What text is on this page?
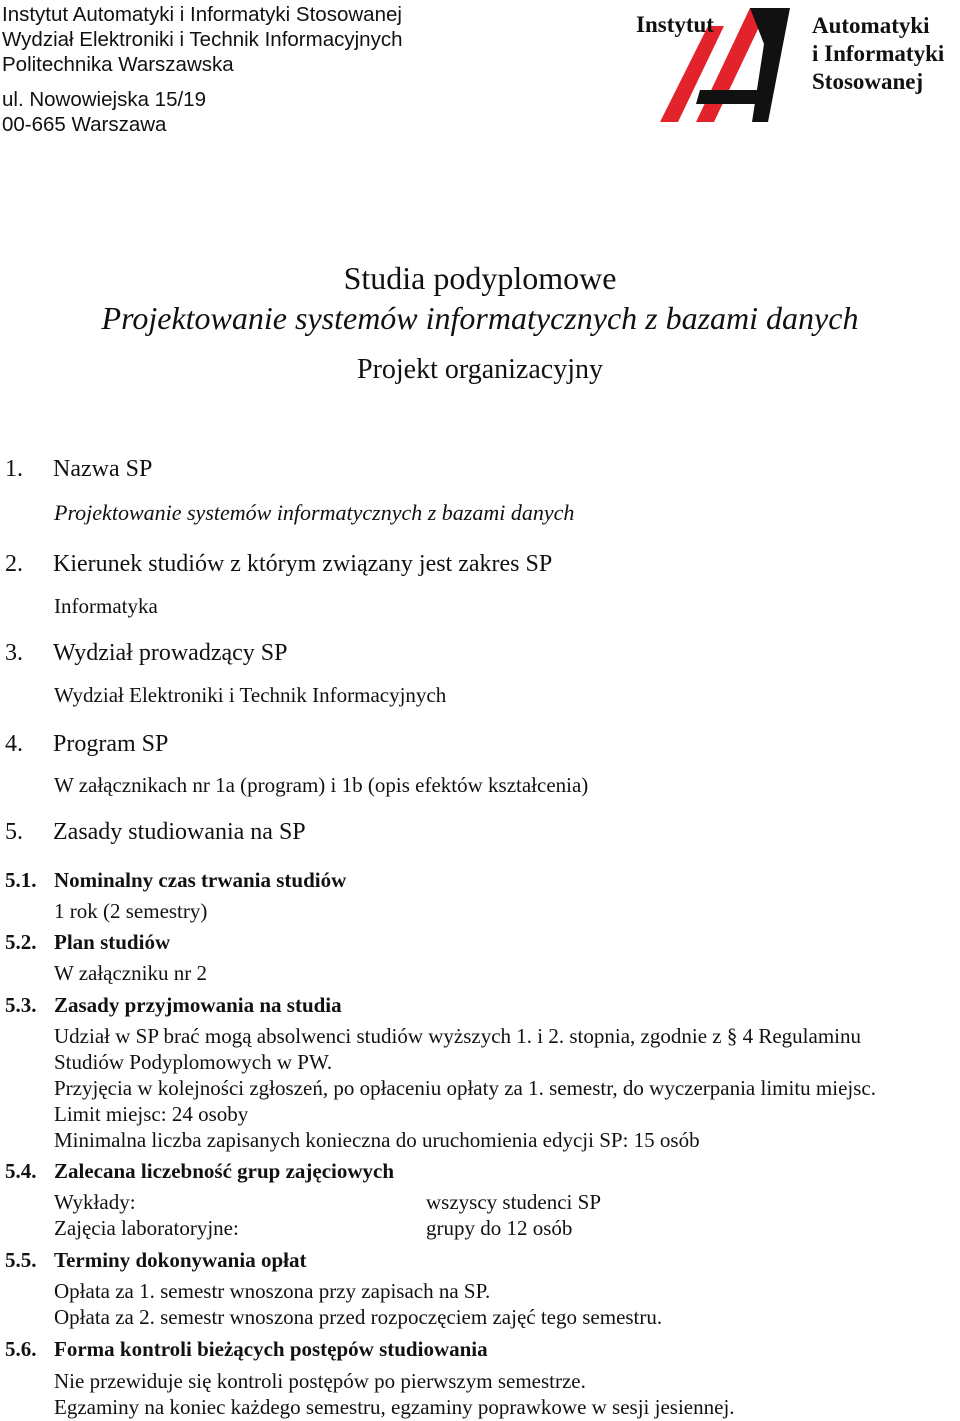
Instytut Automatyki i Informatyki Stosowanej
Wydział Elektroniki i Technik Informacyjnych
Politechnika Warszawska
ul. Nowowiejska 15/19
00-665 Warszawa
Instytut	Automatyki
i Informatyki
Stosowanej
Studia podyplomowe
Projektowanie systemów informatycznych z bazami danych
Projekt organizacyjny
1. Nazwa SP
Projektowanie systemów informatycznych z bazami danych
2. Kierunek studiów z którym związany jest zakres SP
Informatyka
3. Wydział prowadzący SP
Wydział Elektroniki i Technik Informacyjnych
4. Program SP
W załącznikach nr 1a (program) i 1b (opis efektów kształcenia)
5. Zasady studiowania na SP
5.1. Nominalny czas trwania studiów
1 rok (2 semestry)
5.2. Plan studiów
W załączniku nr 2
5.3. Zasady przyjmowania na studia
Udział w SP brać mogą absolwenci studiów wyższych 1. i 2. stopnia, zgodnie z § 4 Regulaminu
Studiów Podyplomowych w PW.
Przyjęcia w kolejności zgłoszeń, po opłaceniu opłaty za 1. semestr, do wyczerpania limitu miejsc.
Limit miejsc: 24 osoby
Minimalna liczba zapisanych konieczna do uruchomienia edycji SP: 15 osób
5.4. Zalecana liczebność grup zajęciowych
Wykłady:	wszyscy studenci SP
Zajęcia laboratoryjne:	grupy do 12 osób
5.5. Terminy dokonywania opłat
Opłata za 1. semestr wnoszona przy zapisach na SP.
Opłata za 2. semestr wnoszona przed rozpoczęciem zajęć tego semestru.
5.6. Forma kontroli bieżących postępów studiowania
Nie przewiduje się kontroli postępów po pierwszym semestrze.
Egzaminy na koniec każdego semestru, egzaminy poprawkowe w sesji jesiennej.
